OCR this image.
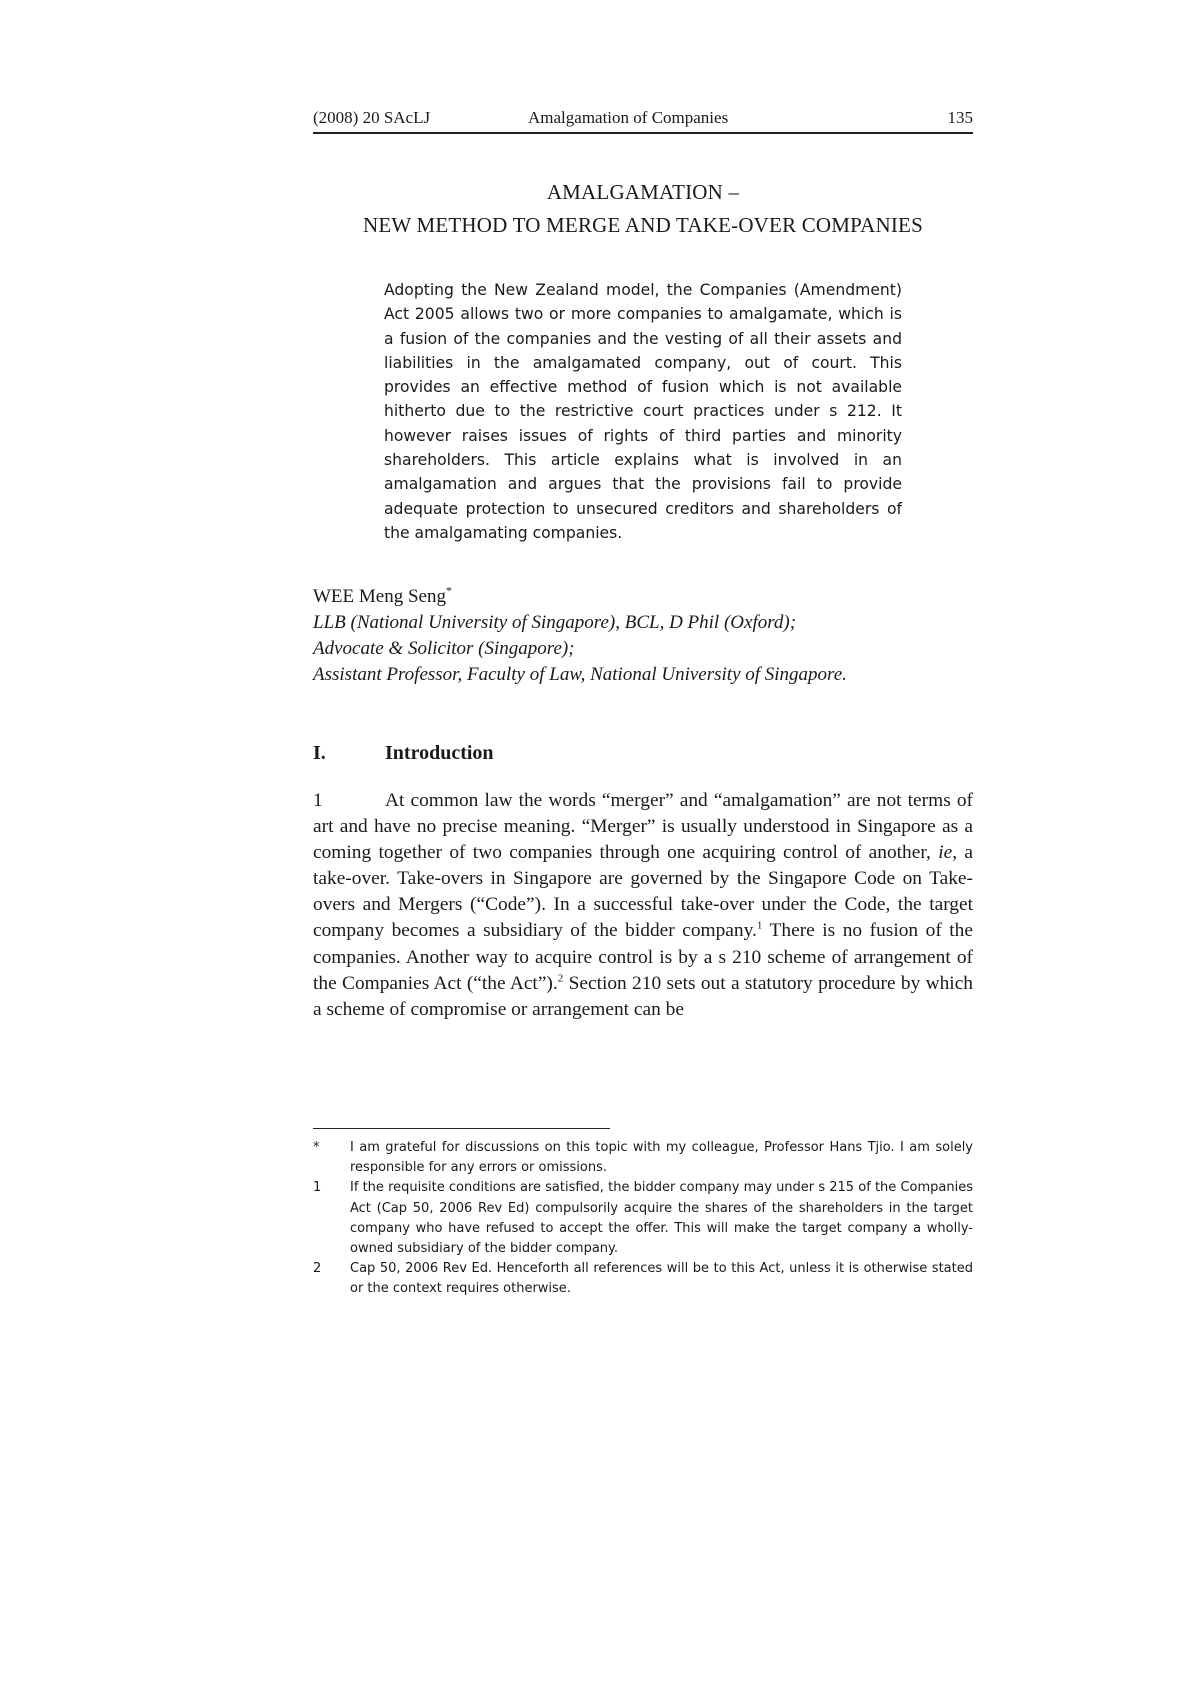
(2008) 20 SAcLJ	Amalgamation of Companies	135
AMALGAMATION –
NEW METHOD TO MERGE AND TAKE-OVER COMPANIES
Adopting the New Zealand model, the Companies (Amendment) Act 2005 allows two or more companies to amalgamate, which is a fusion of the companies and the vesting of all their assets and liabilities in the amalgamated company, out of court. This provides an effective method of fusion which is not available hitherto due to the restrictive court practices under s 212. It however raises issues of rights of third parties and minority shareholders. This article explains what is involved in an amalgamation and argues that the provisions fail to provide adequate protection to unsecured creditors and shareholders of the amalgamating companies.
WEE Meng Seng*
LLB (National University of Singapore), BCL, D Phil (Oxford);
Advocate & Solicitor (Singapore);
Assistant Professor, Faculty of Law, National University of Singapore.
I.	Introduction
1	At common law the words “merger” and “amalgamation” are not terms of art and have no precise meaning. “Merger” is usually understood in Singapore as a coming together of two companies through one acquiring control of another, ie, a take-over. Take-overs in Singapore are governed by the Singapore Code on Take-overs and Mergers (“Code”). In a successful take-over under the Code, the target company becomes a subsidiary of the bidder company.$^1$ There is no fusion of the companies. Another way to acquire control is by a s 210 scheme of arrangement of the Companies Act (“the Act”).$^2$ Section 210 sets out a statutory procedure by which a scheme of compromise or arrangement can be
* I am grateful for discussions on this topic with my colleague, Professor Hans Tjio. I am solely responsible for any errors or omissions.
1 If the requisite conditions are satisfied, the bidder company may under s 215 of the Companies Act (Cap 50, 2006 Rev Ed) compulsorily acquire the shares of the shareholders in the target company who have refused to accept the offer. This will make the target company a wholly-owned subsidiary of the bidder company.
2 Cap 50, 2006 Rev Ed. Henceforth all references will be to this Act, unless it is otherwise stated or the context requires otherwise.
